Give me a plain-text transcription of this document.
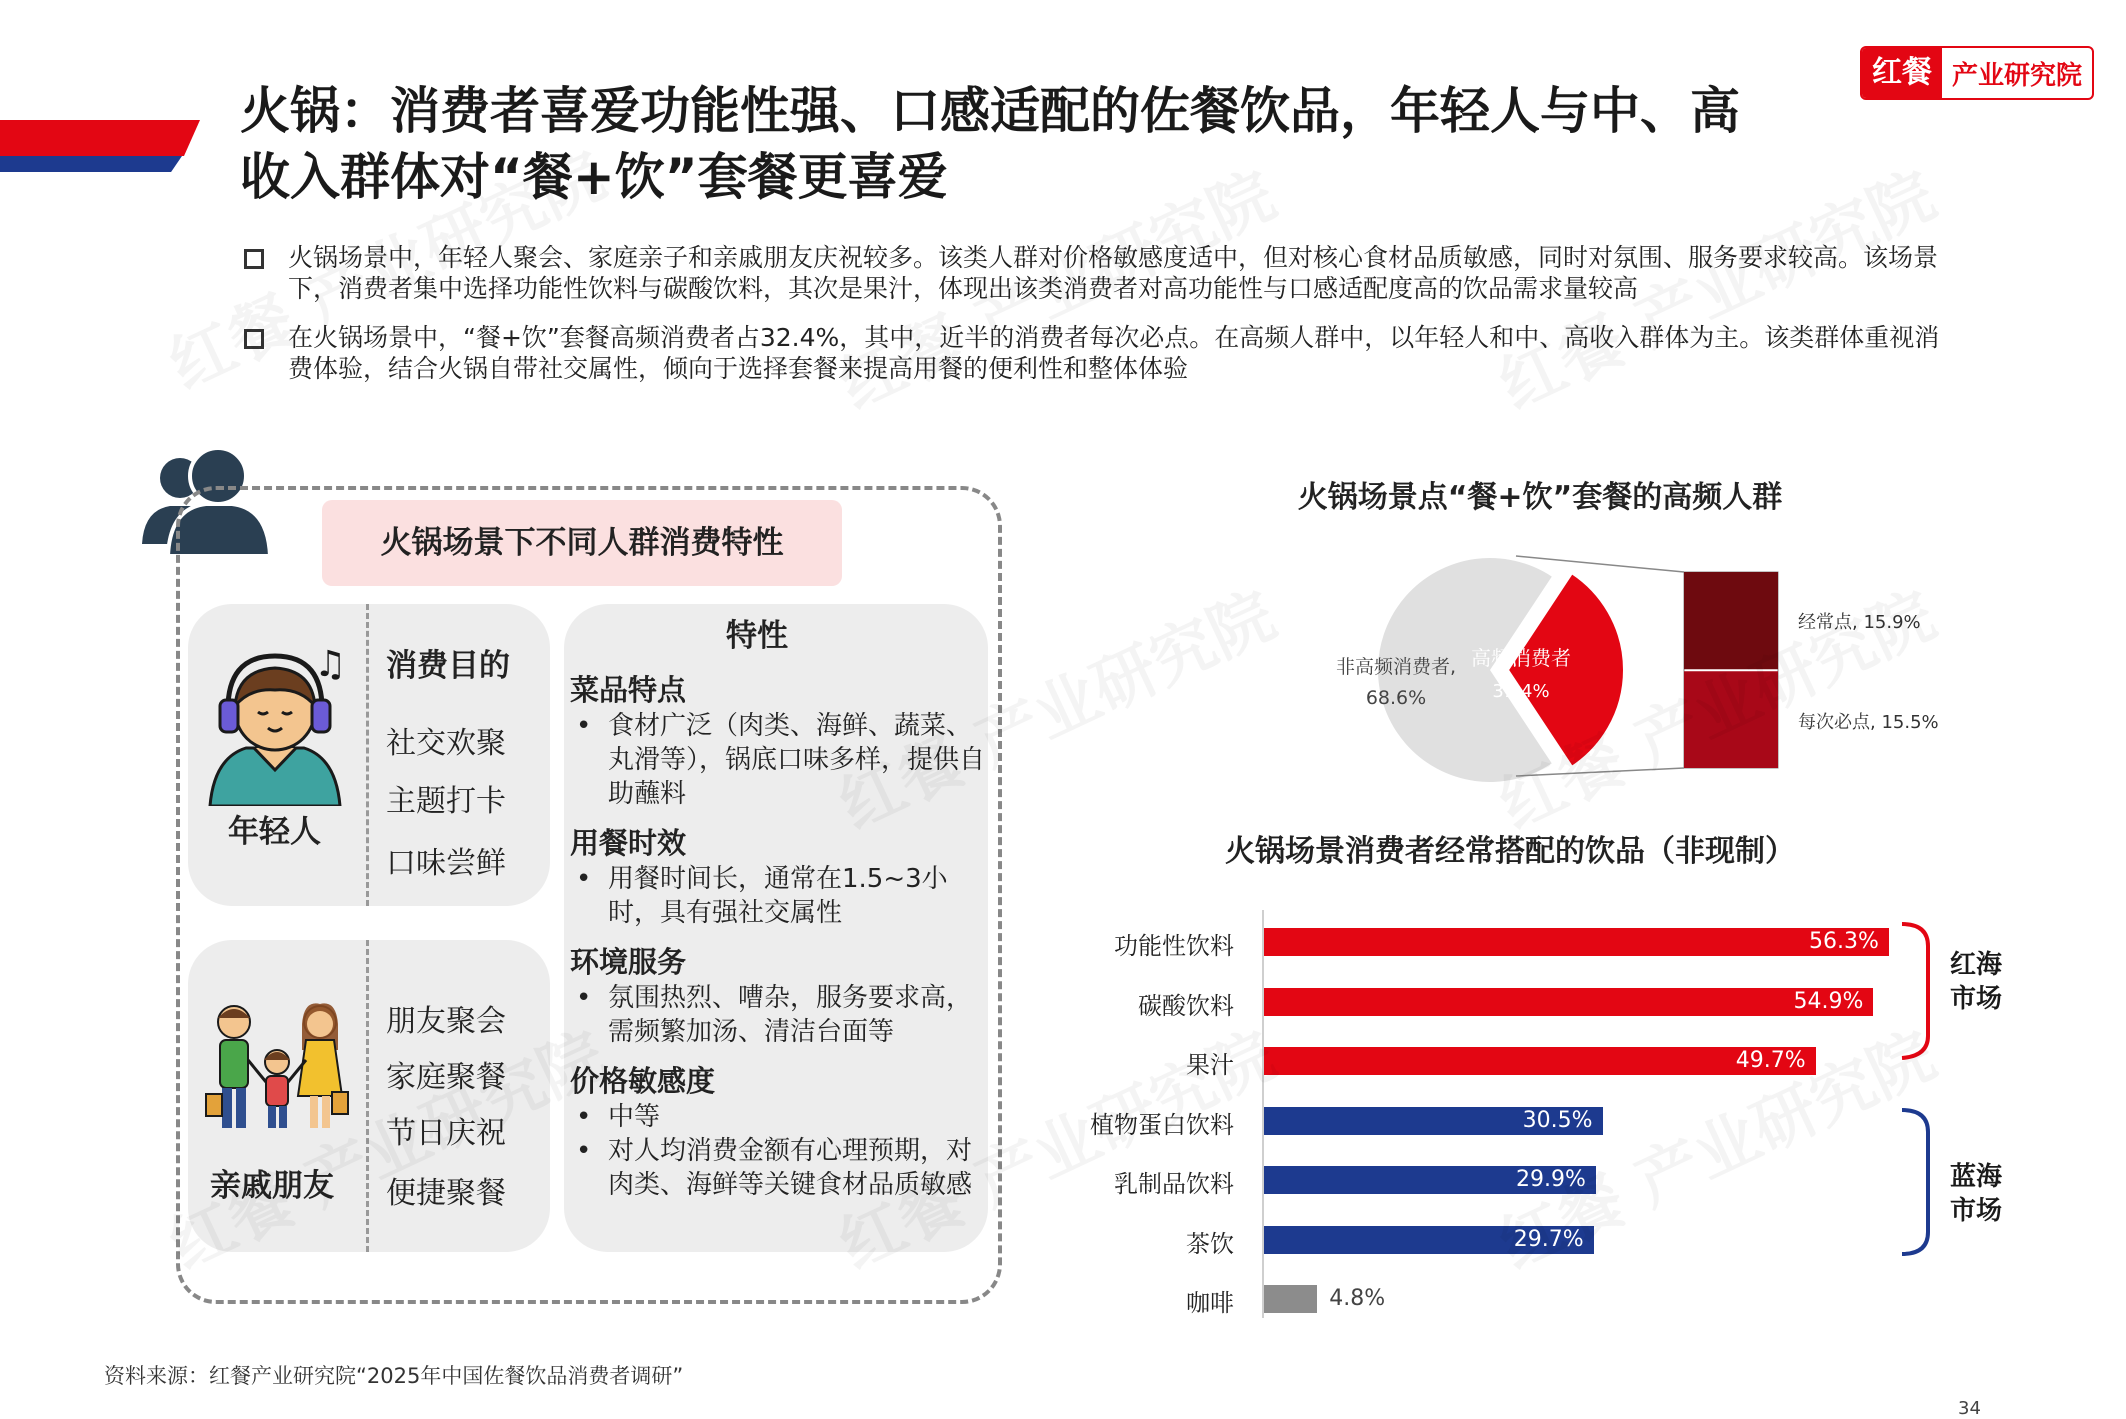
火锅：消费者喜爱功能性强、口感适配的佐餐饮品，年轻人与中、高
收入群体对“餐+饮”套餐更喜爱
红餐 产业研究院
火锅场景中，年轻人聚会、家庭亲子和亲戚朋友庆祝较多。该类人群对价格敏感度适中，但对核心食材品质敏感，同时对氛围、服务要求较高。该场景下，消费者集中选择功能性饮料与碳酸饮料，其次是果汁，体现出该类消费者对高功能性与口感适配度高的饮品需求量较高
在火锅场景中，“餐+饮”套餐高频消费者占32.4%，其中，近半的消费者每次必点。在高频人群中，以年轻人和中、高收入群体为主。该类群体重视消费体验，结合火锅自带社交属性，倾向于选择套餐来提高用餐的便利性和整体体验
火锅场景下不同人群消费特性
♫
年轻人
消费目的
社交欢聚
主题打卡
口味尝鲜
亲戚朋友
朋友聚会
家庭聚餐
节日庆祝
便捷聚餐
特性
菜品特点
• 食材广泛（肉类、海鲜、蔬菜、丸滑等），锅底口味多样，提供自助蘸料
用餐时效
• 用餐时间长，通常在1.5~3小时，具有强社交属性
环境服务
• 氛围热烈、嘈杂，服务要求高，需频繁加汤、清洁台面等
价格敏感度
• 中等
• 对人均消费金额有心理预期，对肉类、海鲜等关键食材品质敏感
火锅场景点“餐+饮”套餐的高频人群
非高频消费者,
68.6%
高频消费者
31.4%
经常点, 15.9%
每次必点, 15.5%
火锅场景消费者经常搭配的饮品（非现制）
功能性饮料	56.3%
碳酸饮料	54.9%
果汁	49.7%
植物蛋白饮料	30.5%
乳制品饮料	29.9%
茶饮	29.7%
咖啡	4.8%
红海
市场
蓝海
市场
资料来源：红餐产业研究院“2025年中国佐餐饮品消费者调研”
34
